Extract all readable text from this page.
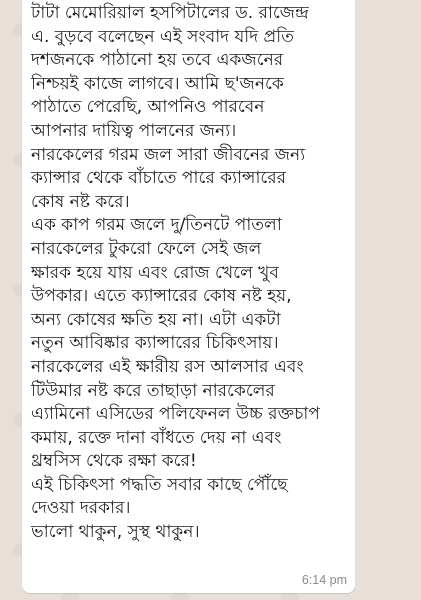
টাটা মেমোরিয়াল হসপিটালের ড. রাজেন্দ্র
এ. বুড়বে বলেছেন এই সংবাদ যদি প্রতি
দশজনকে পাঠানো হয় তবে একজনের
নিশ্চয়ই কাজে লাগবে। আমি ছ'জনকে
পাঠাতে পেরেছি, আপনিও পারবেন
আপনার দায়িত্ব পালনের জন্য।
নারকেলের গরম জল সারা জীবনের জন্য
ক্যান্সার থেকে বাঁচাতে পারে ক্যান্সারের
কোষ নষ্ট করে।
এক কাপ গরম জলে দু/তিনটে পাতলা
নারকেলের টুকরো ফেলে সেই জল
ক্ষারক হয়ে যায় এবং রোজ খেলে খুব
উপকার। এতে ক্যান্সারের কোষ নষ্ট হয়,
অন্য কোষের ক্ষতি হয় না। এটা একটা
নতুন আবিষ্কার ক্যান্সারের চিকিৎসায়।
নারকেলের এই ক্ষারীয় রস আলসার এবং
টিউমার নষ্ট করে তাছাড়া নারকেলের
এ্যামিনো এসিডের পলিফেনল উচ্চ রক্তচাপ
কমায়, রক্তে দানা বাঁধতে দেয় না এবং
থ্রম্বসিস থেকে রক্ষা করে!
এই চিকিৎসা পদ্ধতি সবার কাছে পৌঁছে
দেওয়া দরকার।
ভালো থাকুন, সুস্থ থাকুন।

6:14 pm
